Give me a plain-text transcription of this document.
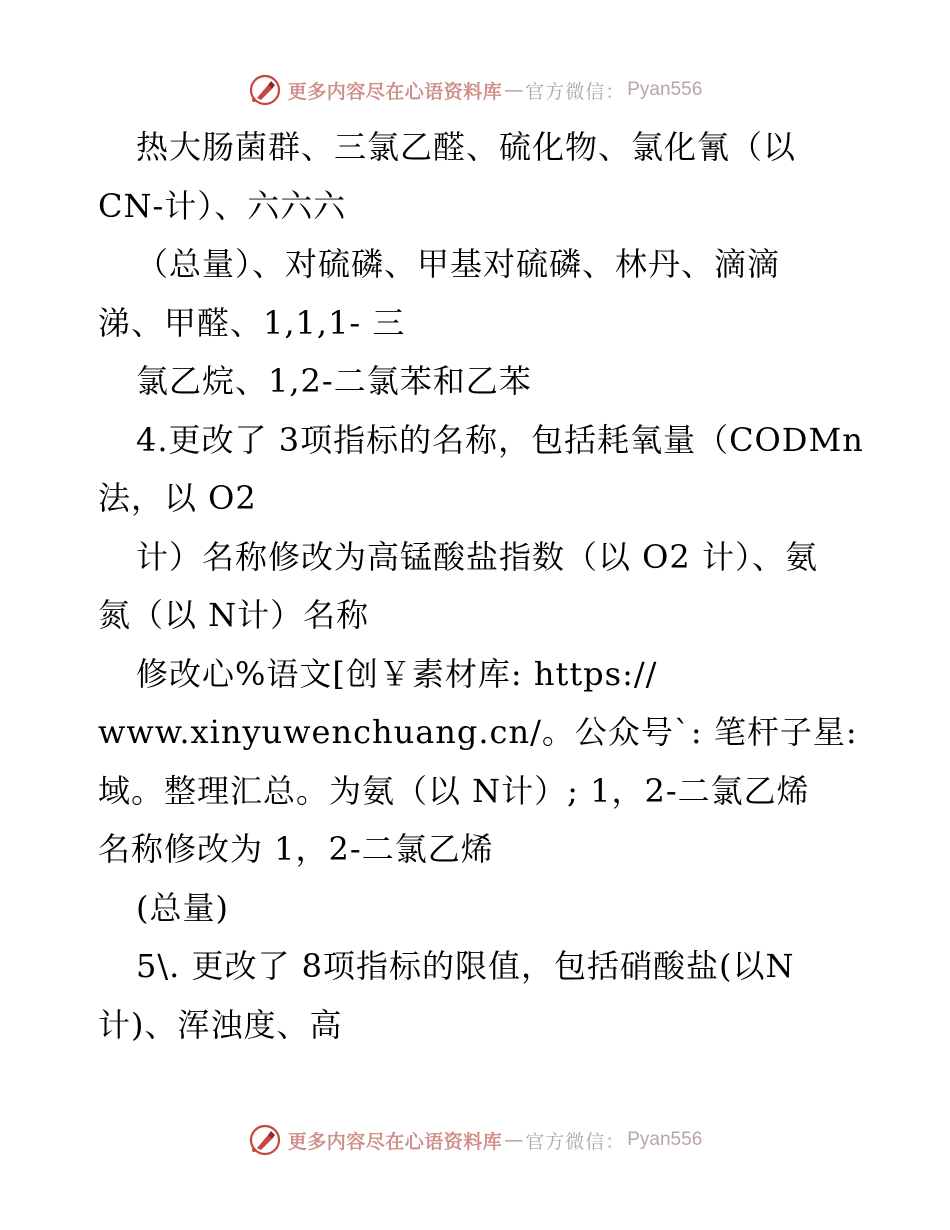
更多内容尽在心语资料库 — 官方微信： Pyan556
热大肠菌群、三氯乙醛、硫化物、氯化氰（以
CN-计）、六六六
（总量）、对硫磷、甲基对硫磷、林丹、滴滴
涕、甲醛、1,1,1- 三
氯乙烷、1,2-二氯苯和乙苯
4.更改了 3项指标的名称，包括耗氧量（CODMn
法，以 O2
计）名称修改为高锰酸盐指数（以 O2 计）、氨
氮（以 N计）名称
修改心%语文[创￥素材库: https://
www.xinyuwenchuang.cn/。公众号`: 笔杆子星:
域。整理汇总。为氨（以 N计）; 1，2-二氯乙烯
名称修改为 1，2-二氯乙烯
(总量)
5\. 更改了 8项指标的限值，包括硝酸盐(以N
计)、浑浊度、高
更多内容尽在心语资料库 — 官方微信： Pyan556
